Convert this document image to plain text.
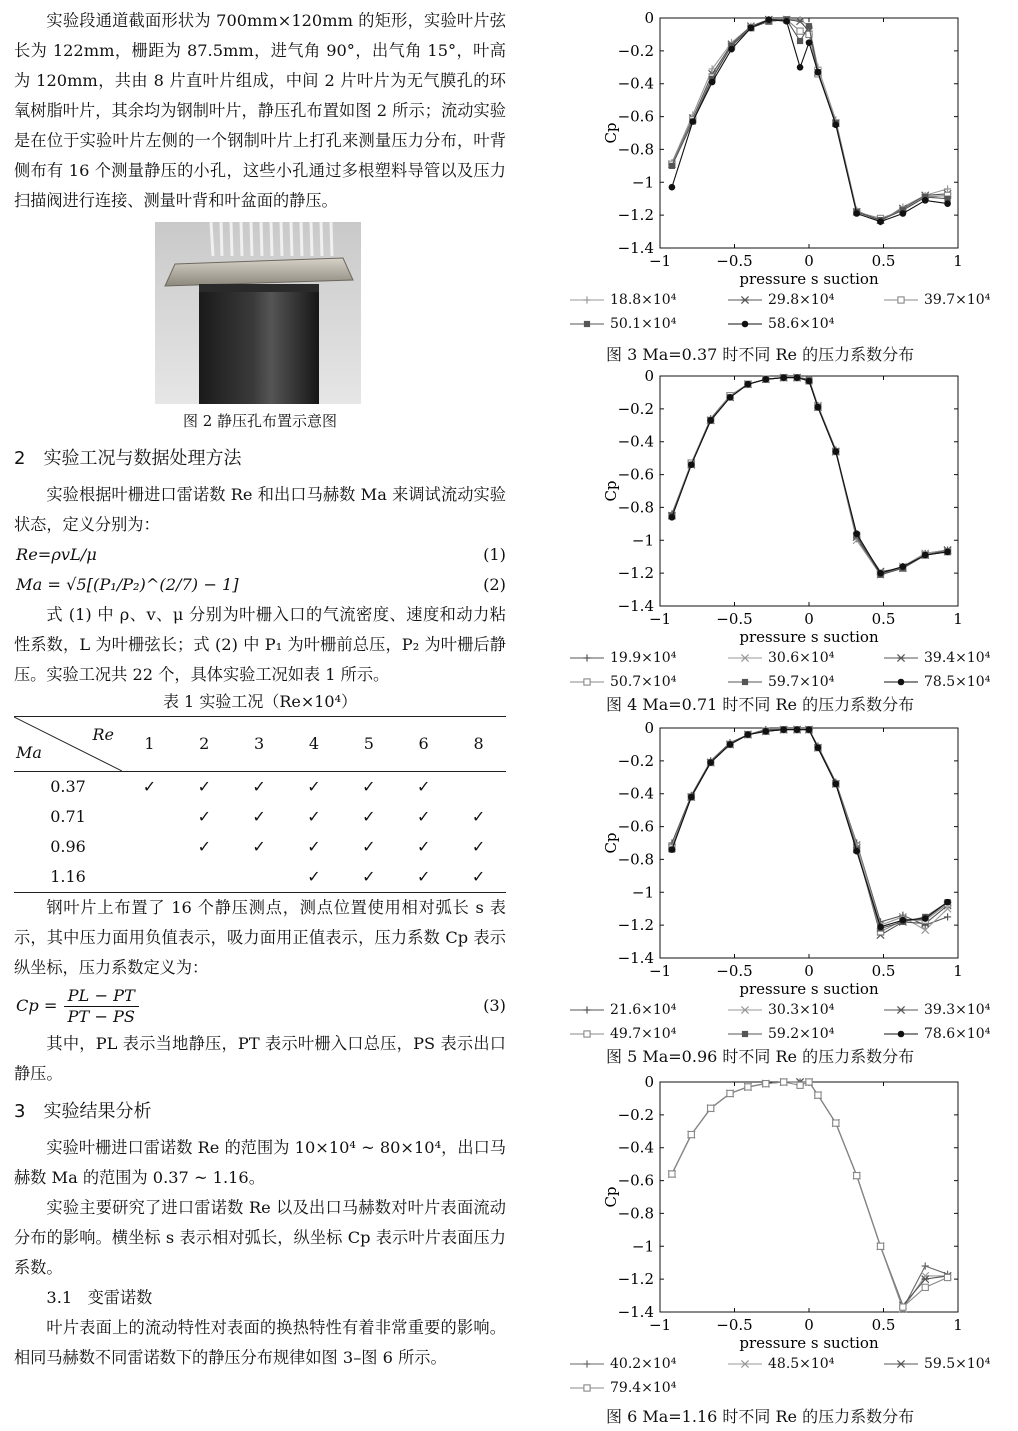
实验段通道截面形状为 700mm×120mm 的矩形，实验叶片弦长为 122mm，栅距为 87.5mm，进气角 90°，出气角 15°，叶高为 120mm，共由 8 片直叶片组成，中间 2 片叶片为无气膜孔的环氧树脂叶片，其余均为钢制叶片，静压孔布置如图 2 所示；流动实验是在位于实验叶片左侧的一个钢制叶片上打孔来测量压力分布，叶背侧布有 16 个测量静压的小孔，这些小孔通过多根塑料导管以及压力扫描阀进行连接、测量叶背和叶盆面的静压。

图 2 静压孔布置示意图
2 实验工况与数据处理方法

实验根据叶栅进口雷诺数 Re 和出口马赫数 Ma 来调试流动实验状态，定义分别为：

Re=ρvL/μ	(1)
Ma = √5[(P₁/P₂)^(2/7) − 1]	(2)

式 (1) 中 ρ、v、μ 分别为叶栅入口的气流密度、速度和动力粘性系数，L 为叶栅弦长；式 (2) 中 P₁ 为叶栅前总压，P₂ 为叶栅后静压。实验工况共 22 个，具体实验工况如表 1 所示。

表 1 实验工况（Re×10⁴）
Re
Ma	1	2	3	4	5	6	8
0.37	✓	✓	✓	✓	✓	✓	
0.71		✓	✓	✓	✓	✓	✓
0.96		✓	✓	✓	✓	✓	✓
1.16				✓	✓	✓	✓

钢叶片上布置了 16 个静压测点，测点位置使用相对弧长 s 表示，其中压力面用负值表示，吸力面用正值表示，压力系数 Cp 表示纵坐标，压力系数定义为：

$Cp = \frac{PL - PT}{PT - PS}$	(3)

其中，PL 表示当地静压，PT 表示叶栅入口总压，PS 表示出口静压。

3 实验结果分析

实验叶栅进口雷诺数 Re 的范围为 10×10⁴ ~ 80×10⁴，出口马赫数 Ma 的范围为 0.37 ~ 1.16。

实验主要研究了进口雷诺数 Re 以及出口马赫数对叶片表面流动分布的影响。横坐标 s 表示相对弧长，纵坐标 Cp 表示叶片表面压力系数。

3.1 变雷诺数

叶片表面上的流动特性对表面的换热特性有着非常重要的影响。相同马赫数不同雷诺数下的静压分布规律如图 3–图 6 所示。

0
−0.2
−0.4
−0.6
−0.8
−1
−1.2
−1.4
−1	−0.5	0	0.5	1
pressure s suction
Cp
18.8×10⁴	29.8×10⁴	39.7×10⁴
50.1×10⁴	58.6×10⁴
图 3 Ma=0.37 时不同 Re 的压力系数分布
0
−0.2
−0.4
−0.6
−0.8
−1
−1.2
−1.4
−1	−0.5	0	0.5	1
pressure s suction
Cp
19.9×10⁴	30.6×10⁴	39.4×10⁴
50.7×10⁴	59.7×10⁴	78.5×10⁴
图 4 Ma=0.71 时不同 Re 的压力系数分布
0
−0.2
−0.4
−0.6
−0.8
−1
−1.2
−1.4
−1	−0.5	0	0.5	1
pressure s suction
Cp
21.6×10⁴	30.3×10⁴	39.3×10⁴
49.7×10⁴	59.2×10⁴	78.6×10⁴
图 5 Ma=0.96 时不同 Re 的压力系数分布
0
−0.2
−0.4
−0.6
−0.8
−1
−1.2
−1.4
−1	−0.5	0	0.5	1
pressure s suction
Cp
40.2×10⁴	48.5×10⁴	59.5×10⁴
79.4×10⁴
图 6 Ma=1.16 时不同 Re 的压力系数分布
